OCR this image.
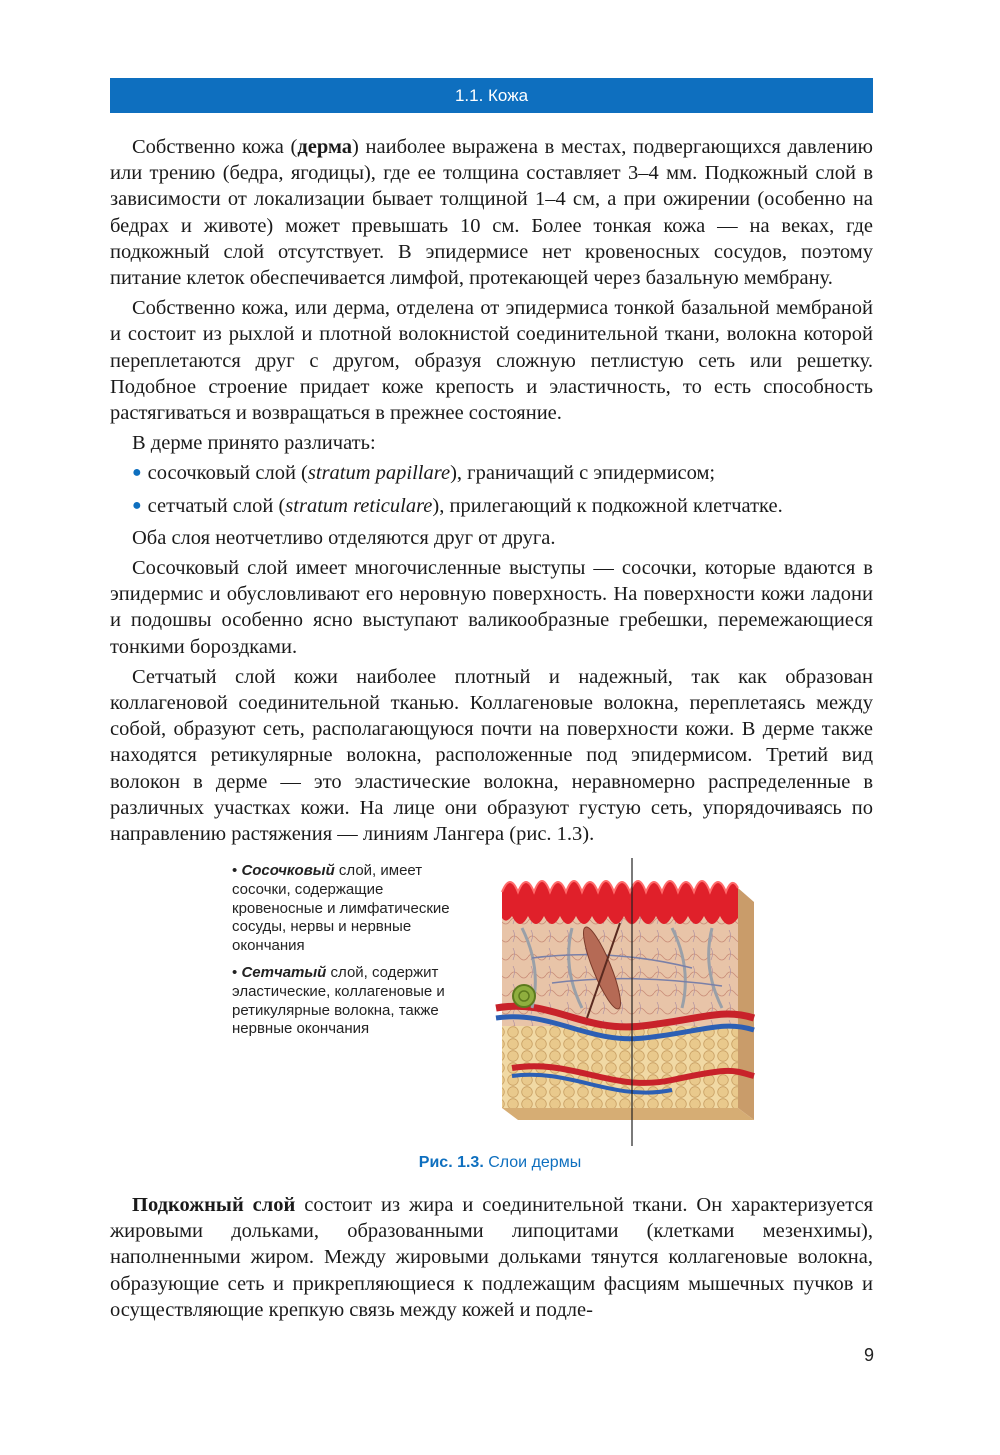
1.1. Кожа

Собственно кожа (дерма) наиболее выражена в местах, подвергающихся давлению или трению (бедра, ягодицы), где ее толщина составляет 3–4 мм. Подкожный слой в зависимости от локализации бывает толщиной 1–4 см, а при ожирении (особенно на бедрах и животе) может превышать 10 см. Более тонкая кожа — на веках, где подкожный слой отсутствует. В эпидермисе нет кровеносных сосудов, поэтому питание клеток обеспечивается лимфой, протекающей через базальную мембрану.

Собственно кожа, или дерма, отделена от эпидермиса тонкой базальной мембраной и состоит из рыхлой и плотной волокнистой соединительной ткани, волокна которой переплетаются друг с другом, образуя сложную петлистую сеть или решетку. Подобное строение придает коже крепость и эластичность, то есть способность растягиваться и возвращаться в прежнее состояние.

В дерме принято различать:

● сосочковый слой (stratum papillare), граничащий с эпидермисом;

● сетчатый слой (stratum reticulare), прилегающий к подкожной клетчатке.

Оба слоя неотчетливо отделяются друг от друга.

Сосочковый слой имеет многочисленные выступы — сосочки, которые вдаются в эпидермис и обусловливают его неровную поверхность. На поверхности кожи ладони и подошвы особенно ясно выступают валикообразные гребешки, перемежающиеся тонкими бороздками.

Сетчатый слой кожи наиболее плотный и надежный, так как образован коллагеновой соединительной тканью. Коллагеновые волокна, переплетаясь между собой, образуют сеть, располагающуюся почти на поверхности кожи. В дерме также находятся ретикулярные волокна, расположенные под эпидермисом. Третий вид волокон в дерме — это эластические волокна, неравномерно распределенные в различных участках кожи. На лице они образуют густую сеть, упорядочиваясь по направлению растяжения — линиям Лангера (рис. 1.3).

• Сосочковый слой, имеет сосочки, содержащие кровеносные и лимфатические сосуды, нервы и нервные окончания
• Сетчатый слой, содержит эластические, коллагеновые и ретикулярные волокна, также нервные окончания
Рис. 1.3. Слои дермы

Подкожный слой состоит из жира и соединительной ткани. Он характеризуется жировыми дольками, образованными липоцитами (клетками мезенхимы), наполненными жиром. Между жировыми дольками тянутся коллагеновые волокна, образующие сеть и прикрепляющиеся к подлежащим фасциям мышечных пучков и осуществляющие крепкую связь между кожей и подле-

9
